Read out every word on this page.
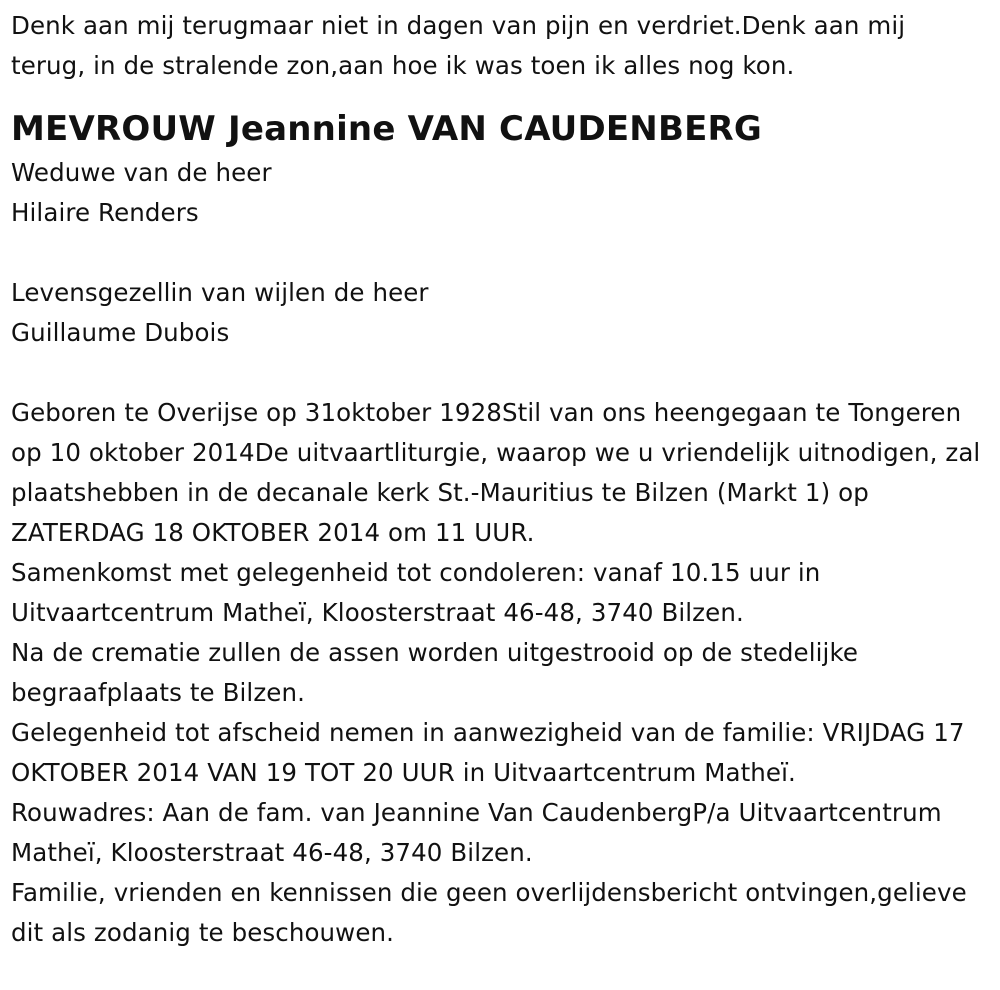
Denk aan mij terugmaar niet in dagen van pijn en verdriet.Denk aan mij terug, in de stralende zon,aan hoe ik was toen ik alles nog kon.

MEVROUW Jeannine VAN CAUDENBERG

Weduwe van de heer
Hilaire Renders

Levensgezellin van wijlen de heer
Guillaume Dubois

Geboren te Overijse op 31oktober 1928Stil van ons heengegaan te Tongeren op 10 oktober 2014De uitvaartliturgie, waarop we u vriendelijk uitnodigen, zal plaatshebben in de decanale kerk St.-Mauritius te Bilzen (Markt 1) op ZATERDAG 18 OKTOBER 2014 om 11 UUR.

Samenkomst met gelegenheid tot condoleren: vanaf 10.15 uur in Uitvaartcentrum Matheï, Kloosterstraat 46-48, 3740 Bilzen.

Na de crematie zullen de assen worden uitgestrooid op de stedelijke begraafplaats te Bilzen.

Gelegenheid tot afscheid nemen in aanwezigheid van de familie: VRIJDAG 17 OKTOBER 2014 VAN 19 TOT 20 UUR in Uitvaartcentrum Matheï.

Rouwadres: Aan de fam. van Jeannine Van CaudenbergP/a Uitvaartcentrum Matheï, Kloosterstraat 46-48, 3740 Bilzen.

Familie, vrienden en kennissen die geen overlijdensbericht ontvingen,gelieve dit als zodanig te beschouwen.
